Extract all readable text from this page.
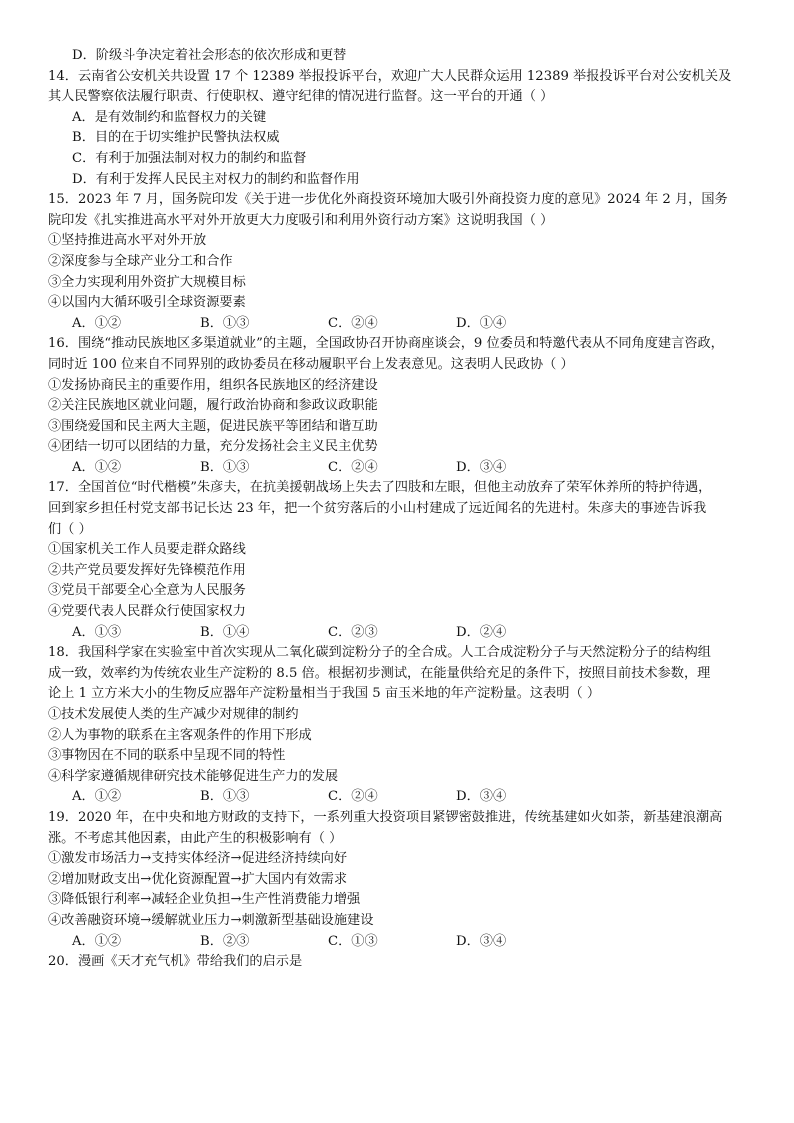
D．阶级斗争决定着社会形态的依次形成和更替
14．云南省公安机关共设置 17 个 12389 举报投诉平台，欢迎广大人民群众运用 12389 举报投诉平台对公安机关及
其人民警察依法履行职责、行使职权、遵守纪律的情况进行监督。这一平台的开通（ ）
A．是有效制约和监督权力的关键
B．目的在于切实维护民警执法权威
C．有利于加强法制对权力的制约和监督
D．有利于发挥人民民主对权力的制约和监督作用
15．2023 年 7 月，国务院印发《关于进一步优化外商投资环境加大吸引外商投资力度的意见》2024 年 2 月，国务
院印发《扎实推进高水平对外开放更大力度吸引和利用外资行动方案》这说明我国（ ）
①坚持推进高水平对外开放
②深度参与全球产业分工和合作
③全力实现利用外资扩大规模目标
④以国内大循环吸引全球资源要素
A．①②	B．①③	C．②④	D．①④
16．围绕“推动民族地区多渠道就业”的主题，全国政协召开协商座谈会，9 位委员和特邀代表从不同角度建言咨政，
同时近 100 位来自不同界别的政协委员在移动履职平台上发表意见。这表明人民政协（ ）
①发扬协商民主的重要作用，组织各民族地区的经济建设
②关注民族地区就业问题，履行政治协商和参政议政职能
③围绕爱国和民主两大主题，促进民族平等团结和谐互助
④团结一切可以团结的力量，充分发扬社会主义民主优势
A．①②	B．①③	C．②④	D．③④
17．全国首位“时代楷模”朱彦夫，在抗美援朝战场上失去了四肢和左眼，但他主动放弃了荣军休养所的特护待遇，
回到家乡担任村党支部书记长达 23 年，把一个贫穷落后的小山村建成了远近闻名的先进村。朱彦夫的事迹告诉我
们（ ）
①国家机关工作人员要走群众路线
②共产党员要发挥好先锋模范作用
③党员干部要全心全意为人民服务
④党要代表人民群众行使国家权力
A．①③	B．①④	C．②③	D．②④
18．我国科学家在实验室中首次实现从二氧化碳到淀粉分子的全合成。人工合成淀粉分子与天然淀粉分子的结构组
成一致，效率约为传统农业生产淀粉的 8.5 倍。根据初步测试，在能量供给充足的条件下，按照目前技术参数，理
论上 1 立方米大小的生物反应器年产淀粉量相当于我国 5 亩玉米地的年产淀粉量。这表明（ ）
①技术发展使人类的生产减少对规律的制约
②人为事物的联系在主客观条件的作用下形成
③事物因在不同的联系中呈现不同的特性
④科学家遵循规律研究技术能够促进生产力的发展
A．①②	B．①③	C．②④	D．③④
19．2020 年，在中央和地方财政的支持下，一系列重大投资项目紧锣密鼓推进，传统基建如火如荼，新基建浪潮高
涨。不考虑其他因素，由此产生的积极影响有（ ）
①激发市场活力→支持实体经济→促进经济持续向好
②增加财政支出→优化资源配置→扩大国内有效需求
③降低银行利率→减轻企业负担→生产性消费能力增强
④改善融资环境→缓解就业压力→刺激新型基础设施建设
A．①②	B．②③	C．①③	D．③④
20．漫画《天才充气机》带给我们的启示是
